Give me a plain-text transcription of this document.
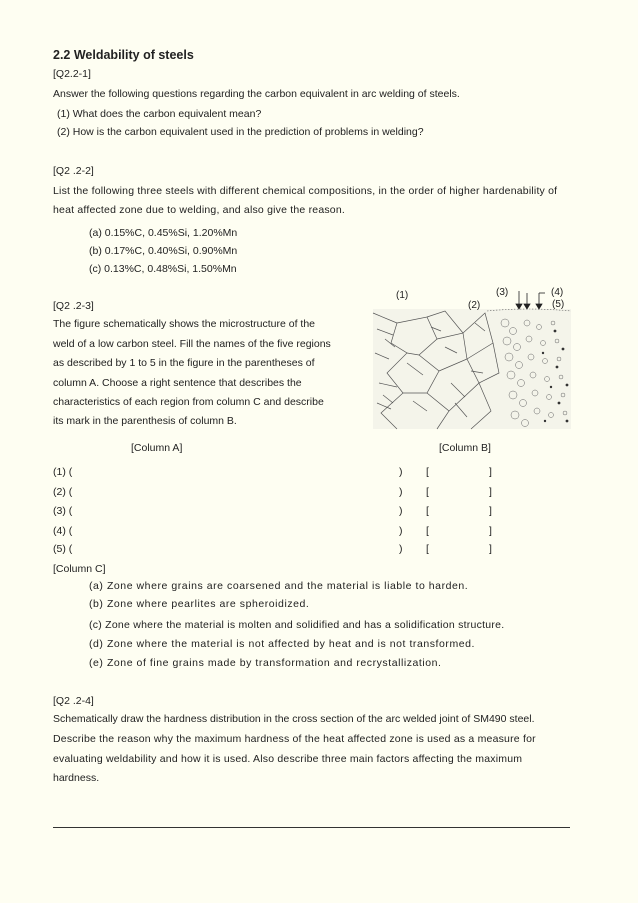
2.2 Weldability of steels
[Q2.2-1]
Answer the following questions regarding the carbon equivalent in arc welding of steels.
(1) What does the carbon equivalent mean?
(2) How is the carbon equivalent used in the prediction of problems in welding?
[Q2 .2-2]
List the following three steels with different chemical compositions, in the order of higher hardenability of
heat affected zone due to welding, and also give the reason.
(a) 0.15%C, 0.45%Si, 1.20%Mn
(b) 0.17%C, 0.40%Si, 0.90%Mn
(c) 0.13%C, 0.48%Si, 1.50%Mn
[Q2 .2-3]
The figure schematically shows the microstructure of the
weld of a low carbon steel. Fill the names of the five regions
as described by 1 to 5 in the figure in the parentheses of
column A. Choose a right sentence that describes the
characteristics of each region from column C and describe
its mark in the parenthesis of column B.
(1)
(2)
(3)	(4)
(5)
[Column A]	[Column B]
(1) (	) [	]
(2) (	) [	]
(3) (	) [	]
(4) (	) [	]
(5) (	) [	]
[Column C]
(a) Zone where grains are coarsened and the material is liable to harden.
(b) Zone where pearlites are spheroidized.
(c) Zone where the material is molten and solidified and has a solidification structure.
(d) Zone where the material is not affected by heat and is not transformed.
(e) Zone of fine grains made by transformation and recrystallization.
[Q2 .2-4]
Schematically draw the hardness distribution in the cross section of the arc welded joint of SM490 steel.
Describe the reason why the maximum hardness of the heat affected zone is used as a measure for
evaluating weldability and how it is used. Also describe three main factors affecting the maximum
hardness.
